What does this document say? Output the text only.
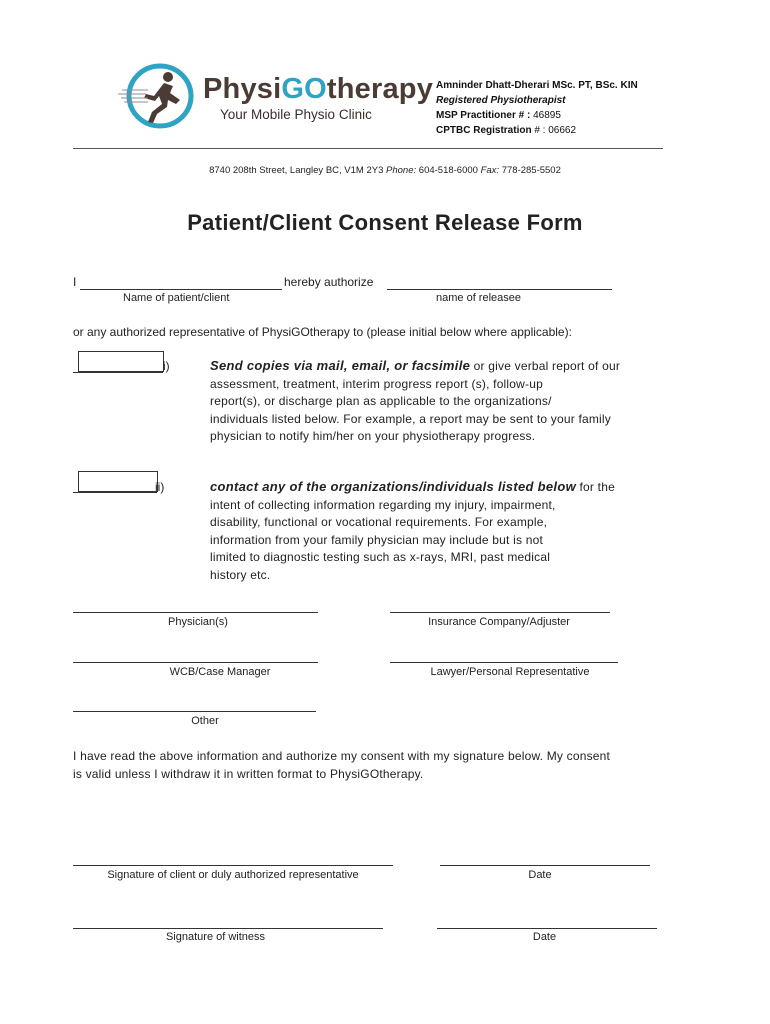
PhysiGOtherapy
Your Mobile Physio Clinic
Amninder Dhatt-Dherari MSc. PT, BSc. KIN
Registered Physiotherapist
MSP Practitioner # : 46895
CPTBC Registration # : 06662
8740 208th Street, Langley BC, V1M 2Y3 Phone: 604-518-6000 Fax: 778-285-5502
Patient/Client Consent Release Form
I	hereby authorize
Name of patient/client	name of releasee
or any authorized representative of PhysiGOtherapy to (please initial below where applicable):
i)	Send copies via mail, email, or facsimile or give verbal report of our
assessment, treatment, interim progress report (s), follow-up
report(s), or discharge plan as applicable to the organizations/
individuals listed below. For example, a report may be sent to your family
physician to notify him/her on your physiotherapy progress.
ii)	contact any of the organizations/individuals listed below for the
intent of collecting information regarding my injury, impairment,
disability, functional or vocational requirements. For example,
information from your family physician may include but is not
limited to diagnostic testing such as x-rays, MRI, past medical
history etc.
Physician(s)	Insurance Company/Adjuster
WCB/Case Manager	Lawyer/Personal Representative
Other
I have read the above information and authorize my consent with my signature below. My consent
is valid unless I withdraw it in written format to PhysiGOtherapy.
Signature of client or duly authorized representative	Date
Signature of witness	Date
